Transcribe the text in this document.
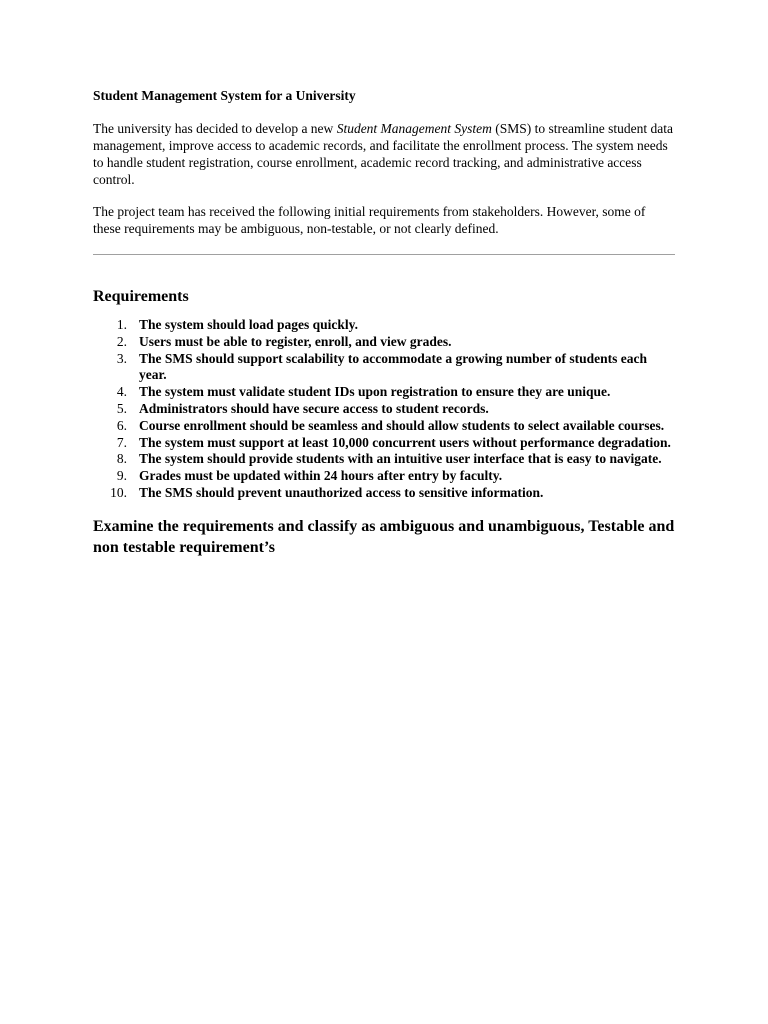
Student Management System for a University

The university has decided to develop a new Student Management System (SMS) to streamline student data management, improve access to academic records, and facilitate the enrollment process. The system needs to handle student registration, course enrollment, academic record tracking, and administrative access control.

The project team has received the following initial requirements from stakeholders. However, some of these requirements may be ambiguous, non-testable, or not clearly defined.

Requirements
1. The system should load pages quickly.
2. Users must be able to register, enroll, and view grades.
3. The SMS should support scalability to accommodate a growing number of students each year.
4. The system must validate student IDs upon registration to ensure they are unique.
5. Administrators should have secure access to student records.
6. Course enrollment should be seamless and should allow students to select available courses.
7. The system must support at least 10,000 concurrent users without performance degradation.
8. The system should provide students with an intuitive user interface that is easy to navigate.
9. Grades must be updated within 24 hours after entry by faculty.
10. The SMS should prevent unauthorized access to sensitive information.

Examine the requirements and classify as ambiguous and unambiguous, Testable and non testable requirement’s
